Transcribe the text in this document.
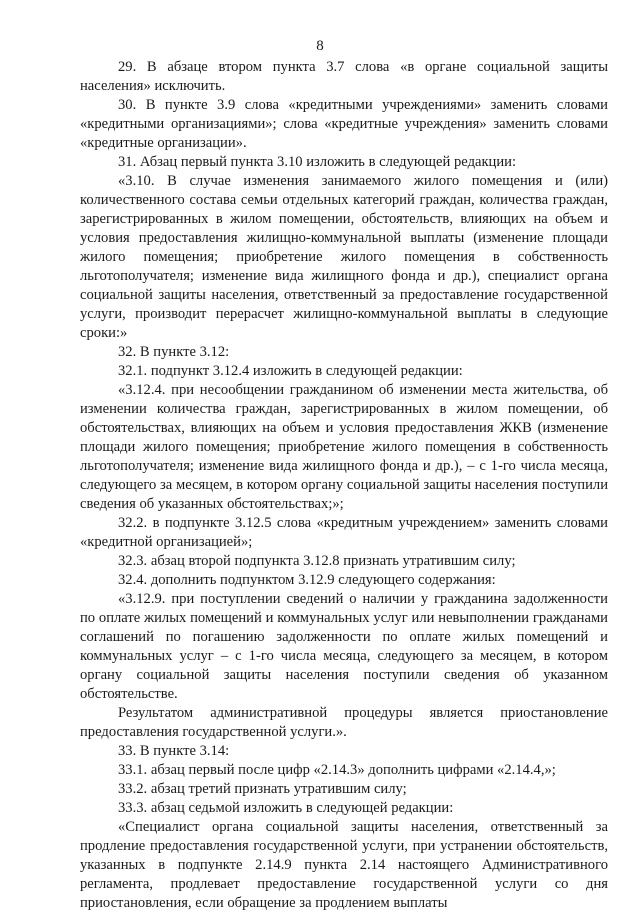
8

29. В абзаце втором пункта 3.7 слова «в органе социальной защиты населения» исключить.

30. В пункте 3.9 слова «кредитными учреждениями» заменить словами «кредитными организациями»; слова «кредитные учреждения» заменить словами «кредитные организации».

31. Абзац первый пункта 3.10 изложить в следующей редакции:

«3.10. В случае изменения занимаемого жилого помещения и (или) количественного состава семьи отдельных категорий граждан, количества граждан, зарегистрированных в жилом помещении, обстоятельств, влияющих на объем и условия предоставления жилищно-коммунальной выплаты (изменение площади жилого помещения; приобретение жилого помещения в собственность льготополучателя; изменение вида жилищного фонда и др.), специалист органа социальной защиты населения, ответственный за предоставление государственной услуги, производит перерасчет жилищно-коммунальной выплаты в следующие сроки:»

32. В пункте 3.12:

32.1. подпункт 3.12.4 изложить в следующей редакции:

«3.12.4. при несообщении гражданином об изменении места жительства, об изменении количества граждан, зарегистрированных в жилом помещении, об обстоятельствах, влияющих на объем и условия предоставления ЖКВ (изменение площади жилого помещения; приобретение жилого помещения в собственность льготополучателя; изменение вида жилищного фонда и др.), – с 1-го числа месяца, следующего за месяцем, в котором органу социальной защиты населения поступили сведения об указанных обстоятельствах;»;

32.2. в подпункте 3.12.5 слова «кредитным учреждением» заменить словами «кредитной организацией»;

32.3. абзац второй подпункта 3.12.8 признать утратившим силу;

32.4. дополнить подпунктом 3.12.9 следующего содержания:

«3.12.9. при поступлении сведений о наличии у гражданина задолженности по оплате жилых помещений и коммунальных услуг или невыполнении гражданами соглашений по погашению задолженности по оплате жилых помещений и коммунальных услуг – с 1-го числа месяца, следующего за месяцем, в котором органу социальной защиты населения поступили сведения об указанном обстоятельстве.

Результатом административной процедуры является приостановление предоставления государственной услуги.».

33. В пункте 3.14:

33.1. абзац первый после цифр «2.14.3» дополнить цифрами «2.14.4,»;

33.2. абзац третий признать утратившим силу;

33.3. абзац седьмой изложить в следующей редакции:

«Специалист органа социальной защиты населения, ответственный за продление предоставления государственной услуги, при устранении обстоятельств, указанных в подпункте 2.14.9 пункта 2.14 настоящего Административного регламента, продлевает предоставление государственной услуги со дня приостановления, если обращение за продлением выплаты
